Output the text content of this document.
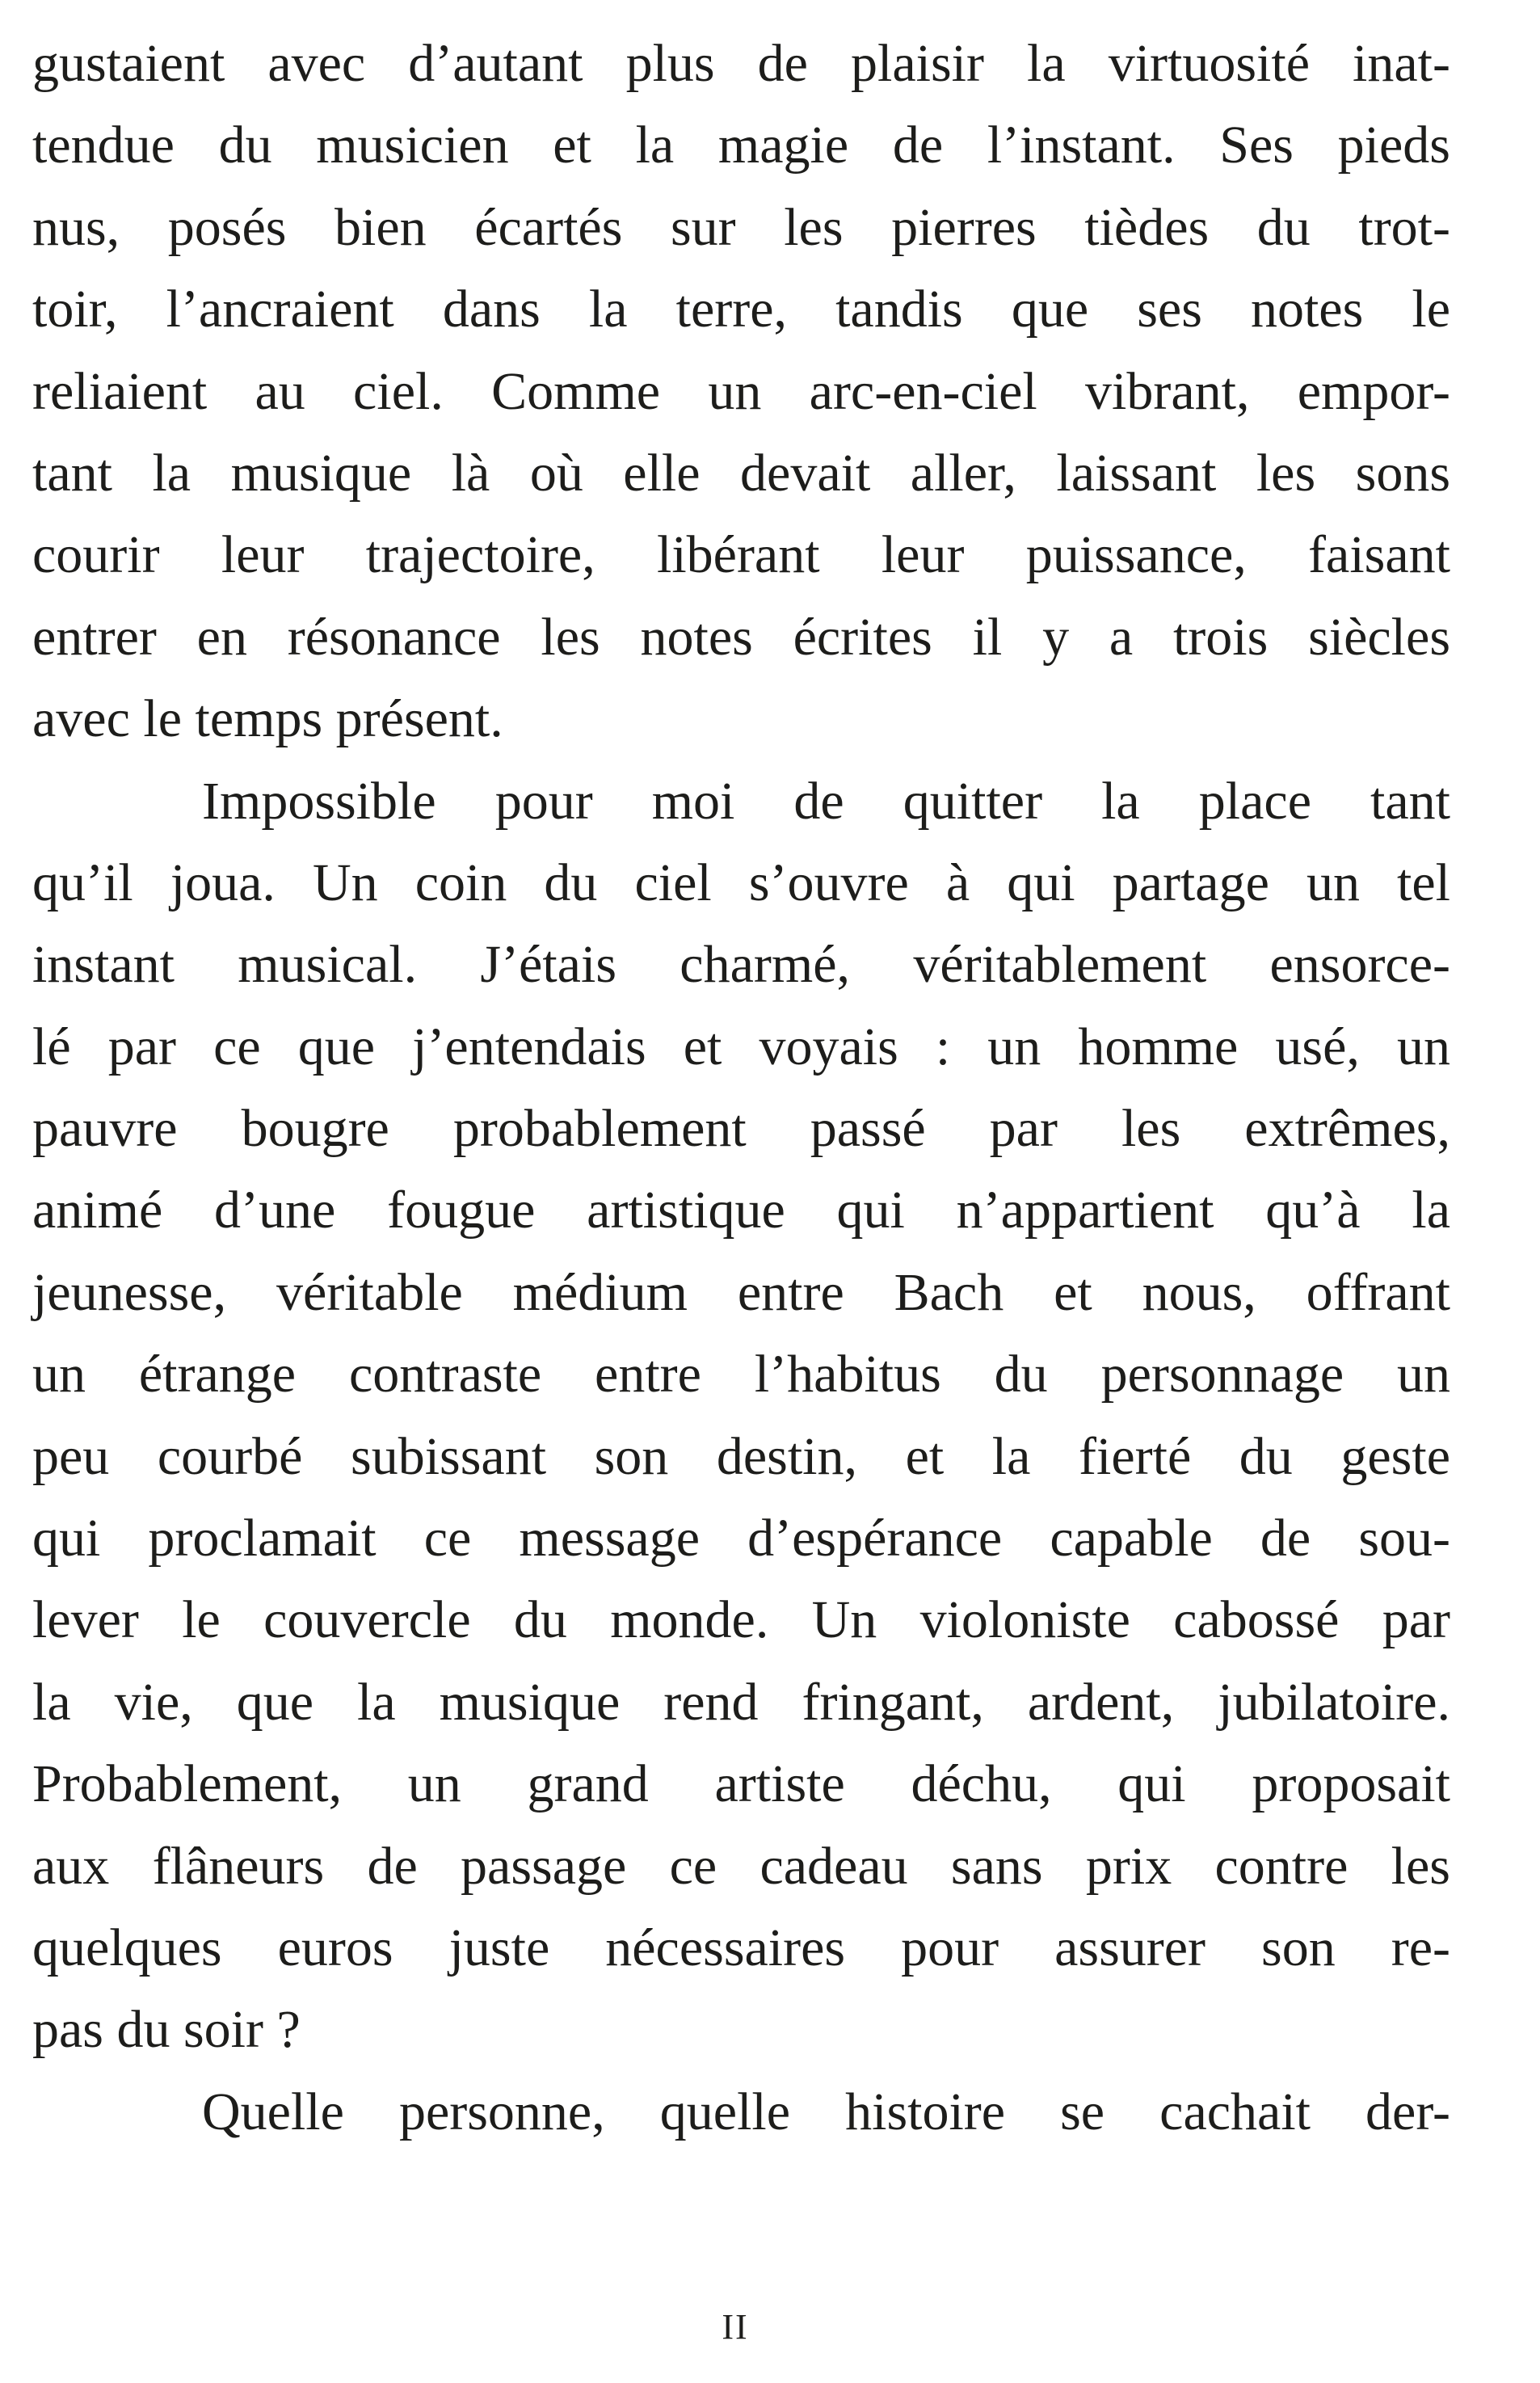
gustaient avec d’autant plus de plaisir la virtuosité inat-
tendue du musicien et la magie de l’instant. Ses pieds
nus, posés bien écartés sur les pierres tièdes du trot-
toir, l’ancraient dans la terre, tandis que ses notes le
reliaient au ciel. Comme un arc-en-ciel vibrant, empor-
tant la musique là où elle devait aller, laissant les sons
courir leur trajectoire, libérant leur puissance, faisant
entrer en résonance les notes écrites il y a trois siècles
avec le temps présent.
Impossible pour moi de quitter la place tant
qu’il joua. Un coin du ciel s’ouvre à qui partage un tel
instant musical. J’étais charmé, véritablement ensorce-
lé par ce que j’entendais et voyais : un homme usé, un
pauvre bougre probablement passé par les extrêmes,
animé d’une fougue artistique qui n’appartient qu’à la
jeunesse, véritable médium entre Bach et nous, offrant
un étrange contraste entre l’habitus du personnage un
peu courbé subissant son destin, et la fierté du geste
qui proclamait ce message d’espérance capable de sou-
lever le couvercle du monde. Un violoniste cabossé par
la vie, que la musique rend fringant, ardent, jubilatoire.
Probablement, un grand artiste déchu, qui proposait
aux flâneurs de passage ce cadeau sans prix contre les
quelques euros juste nécessaires pour assurer son re-
pas du soir ?
Quelle personne, quelle histoire se cachait der-
II
